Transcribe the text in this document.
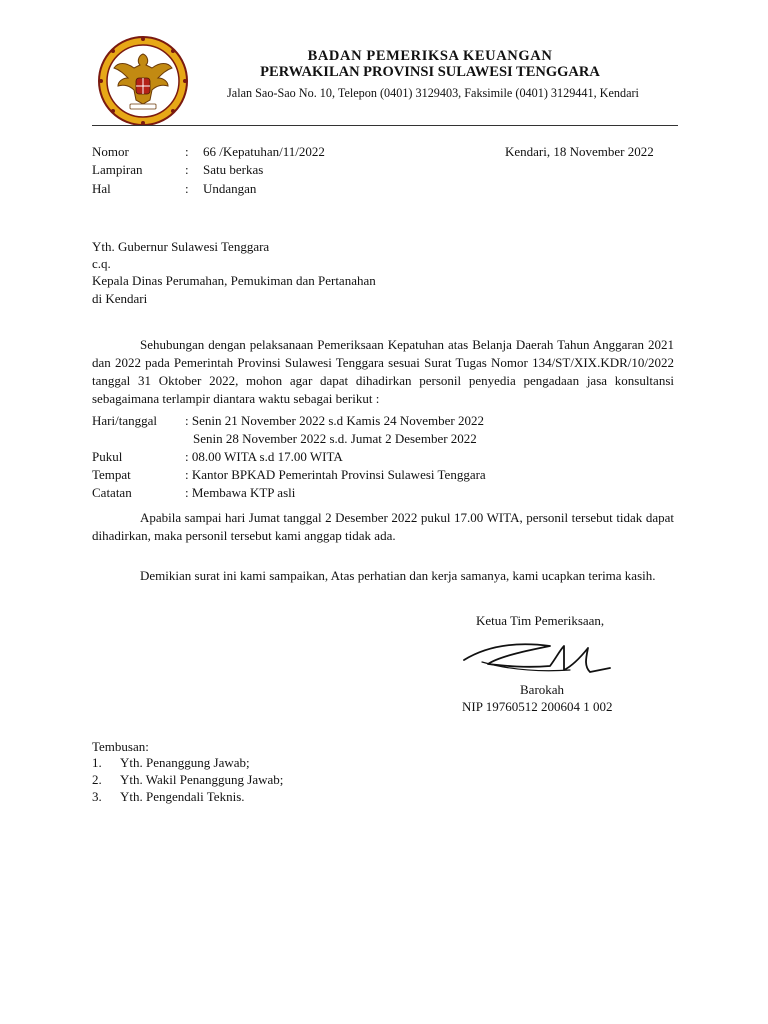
BADAN PEMERIKSA KEUANGAN
PERWAKILAN PROVINSI SULAWESI TENGGARA
Jalan Sao-Sao No. 10, Telepon (0401) 3129403, Faksimile (0401) 3129441, Kendari
Nomor	: 66 /Kepatuhan/11/2022	Kendari, 18 November 2022
Lampiran	: Satu berkas
Hal	: Undangan
Yth. Gubernur Sulawesi Tenggara
c.q.
Kepala Dinas Perumahan, Pemukiman dan Pertanahan
di Kendari
Sehubungan dengan pelaksanaan Pemeriksaan Kepatuhan atas Belanja Daerah Tahun Anggaran 2021 dan 2022 pada Pemerintah Provinsi Sulawesi Tenggara sesuai Surat Tugas Nomor 134/ST/XIX.KDR/10/2022 tanggal 31 Oktober 2022, mohon agar dapat dihadirkan personil penyedia pengadaan jasa konsultansi sebagaimana terlampir diantara waktu sebagai berikut :
Hari/tanggal : Senin 21 November 2022 s.d Kamis 24 November 2022
Senin 28 November 2022 s.d. Jumat 2 Desember 2022
Pukul	: 08.00 WITA s.d 17.00 WITA
Tempat	: Kantor BPKAD Pemerintah Provinsi Sulawesi Tenggara
Catatan	: Membawa KTP asli
Apabila sampai hari Jumat tanggal 2 Desember 2022 pukul 17.00 WITA, personil tersebut tidak dapat dihadirkan, maka personil tersebut kami anggap tidak ada.
Demikian surat ini kami sampaikan, Atas perhatian dan kerja samanya, kami ucapkan terima kasih.
Ketua Tim Pemeriksaan,
Barokah
NIP 19760512 200604 1 002
Tembusan:
1. Yth. Penanggung Jawab;
2. Yth. Wakil Penanggung Jawab;
3. Yth. Pengendali Teknis.
